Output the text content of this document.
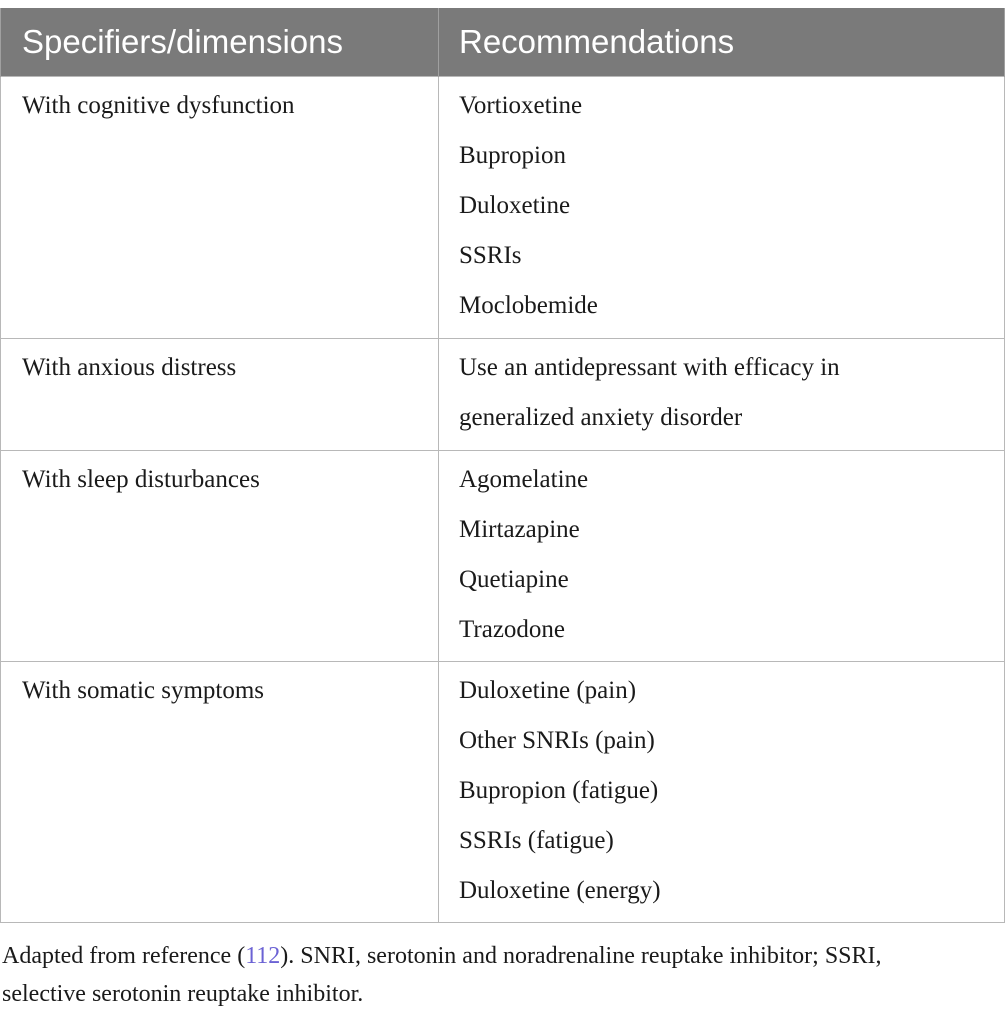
Specifiers/dimensions	Recommendations

With cognitive dysfunction	Vortioxetine
Bupropion
Duloxetine
SSRIs
Moclobemide

With anxious distress	Use an antidepressant with efficacy in
generalized anxiety disorder

With sleep disturbances	Agomelatine
Mirtazapine
Quetiapine
Trazodone

With somatic symptoms	Duloxetine (pain)
Other SNRIs (pain)
Bupropion (fatigue)
SSRIs (fatigue)
Duloxetine (energy)
Adapted from reference (112). SNRI, serotonin and noradrenaline reuptake inhibitor; SSRI,
selective serotonin reuptake inhibitor.
